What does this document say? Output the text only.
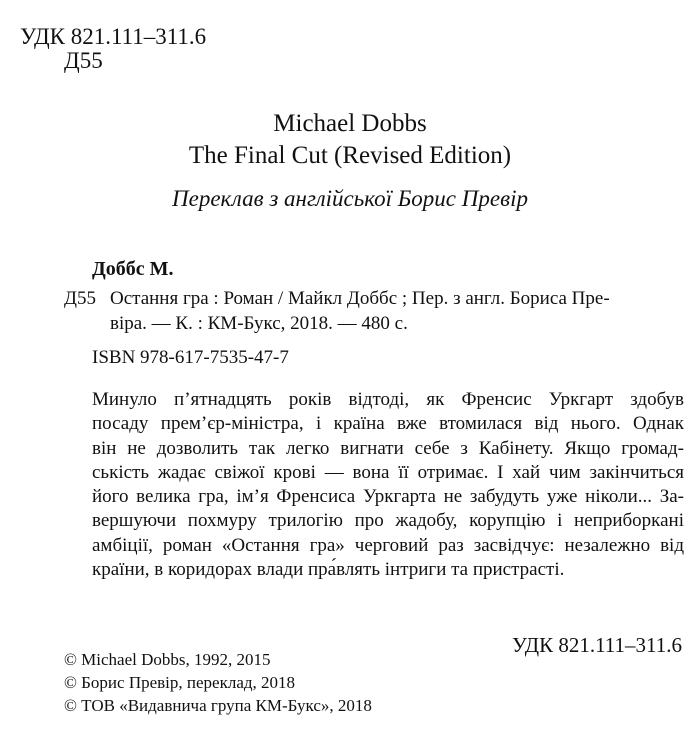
УДК 821.111–311.6
Д55
Michael Dobbs
The Final Cut (Revised Edition)
Переклав з англійської Борис Превір
Доббс М.
Д55 Остання гра : Роман / Майкл Доббс ; Пер. з англ. Бориса Пре-
віра. — К. : КМ-Букс, 2018. — 480 с.
ISBN 978-617-7535-47-7
Минуло п’ятнадцять років відтоді, як Френсис Уркгарт здобув
посаду прем’єр-міністра, і країна вже втомилася від нього. Однак
він не дозволить так легко вигнати себе з Кабінету. Якщо громад-
ськість жадає свіжої крові — вона її отримає. І хай чим закінчиться
його велика гра, ім’я Френсиса Уркгарта не забудуть уже ніколи... За-
вершуючи похмуру трилогію про жадобу, корупцію і неприборкані
амбіції, роман «Остання гра» черговий раз засвідчує: незалежно від
країни, в коридорах влади пра́влять інтриги та пристрасті.
УДК 821.111–311.6
© Michael Dobbs, 1992, 2015
© Борис Превір, переклад, 2018
© ТОВ «Видавнича група КМ-Букс», 2018
